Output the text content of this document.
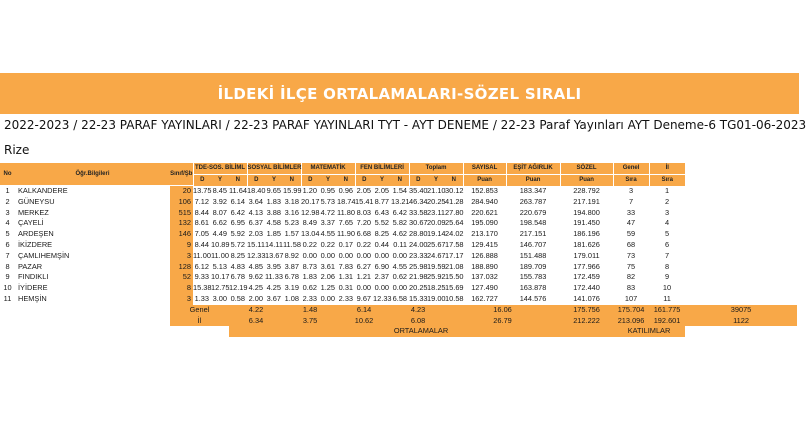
İLDEKİ İLÇE ORTALAMALARI-SÖZEL SIRALI
2022-2023 / 22-23 PARAF YAYINLARI / 22-23 PARAF YAYINLARI TYT - AYT DENEME / 22-23 Paraf Yayınları AYT Deneme-6 TG 01-06-2023
Rize
No	Öğr.Bilgileri	Sınıf/Şb	TDE-SOS. BİLİML			SOSYAL BİLİMLER			MATEMATİK			FEN BİLİMLERİ			Toplam			SAYISAL	EŞİT AĞIRLIK	SÖZEL	Genel	İl	
			D	Y	N	D	Y	N	D	Y	N	D	Y	N	D	Y	N	Puan	Puan	Puan	Sıra	Sıra	
1	KALKANDERE	20	13.75	8.45	11.64	18.40	9.65	15.99	1.20	0.95	0.96	2.05	2.05	1.54	35.40	21.10	30.12	152.853	183.347	228.792	3	1	
2	GÜNEYSU	106	7.12	3.92	6.14	3.64	1.83	3.18	20.17	5.73	18.74	15.41	8.77	13.21	46.34	20.25	41.28	284.940	263.787	217.191	7	2	
3	MERKEZ	515	8.44	8.07	6.42	4.13	3.88	3.16	12.98	4.72	11.80	8.03	6.43	6.42	33.58	23.11	27.80	220.621	220.679	194.800	33	3	
4	ÇAYELİ	132	8.61	6.62	6.95	6.37	4.58	5.23	8.49	3.37	7.65	7.20	5.52	5.82	30.67	20.09	25.64	195.090	198.548	191.450	47	4	
5	ARDEŞEN	146	7.05	4.49	5.92	2.03	1.85	1.57	13.04	4.55	11.90	6.68	8.25	4.62	28.80	19.14	24.02	213.170	217.151	186.196	59	5	
6	İKİZDERE	9	8.44	10.89	5.72	15.11	14.11	11.58	0.22	0.22	0.17	0.22	0.44	0.11	24.00	25.67	17.58	129.415	146.707	181.626	68	6	
7	ÇAMLIHEMŞİN	3	11.00	11.00	8.25	12.33	13.67	8.92	0.00	0.00	0.00	0.00	0.00	0.00	23.33	24.67	17.17	126.888	151.488	179.011	73	7	
8	PAZAR	128	6.12	5.13	4.83	4.85	3.95	3.87	8.73	3.61	7.83	6.27	6.90	4.55	25.98	19.59	21.08	188.890	189.709	177.966	75	8	
9	FINDIKLI	52	9.33	10.17	6.78	9.62	11.33	6.78	1.83	2.06	1.31	1.21	2.37	0.62	21.98	25.92	15.50	137.032	155.783	172.459	82	9	
10	İYİDERE	8	15.38	12.75	12.19	4.25	4.25	3.19	0.62	1.25	0.31	0.00	0.00	0.00	20.25	18.25	15.69	127.490	163.878	172.440	83	10	
11	HEMŞİN	3	1.33	3.00	0.58	2.00	3.67	1.08	2.33	0.00	2.33	9.67	12.33	6.58	15.33	19.00	10.58	162.727	144.576	141.076	107	11	
		Genel			4.22			1.48			6.14			4.23			16.06			175.756	175.704	161.775	39075
		İl			6.34			3.75			10.62			6.08			26.79			212.222	213.096	192.601	1122
					ORTALAMALAR																KATILIMLAR		
